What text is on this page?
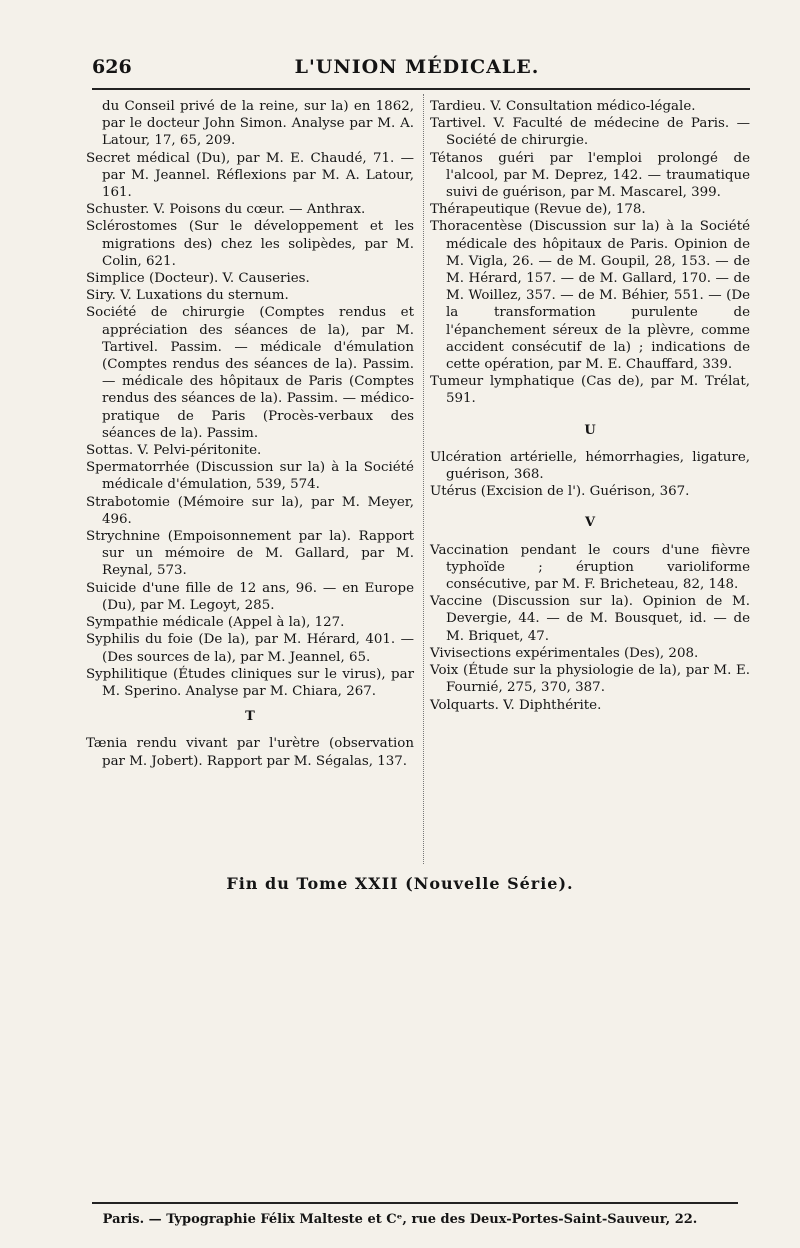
626	L'UNION MÉDICALE.

du Conseil privé de la reine, sur la) en 1862, par le docteur John Simon. Analyse par M. A. Latour, 17, 65, 209.

Secret médical (Du), par M. E. Chaudé, 71. — par M. Jeannel. Réflexions par M. A. Latour, 161.

Schuster. V. Poisons du cœur. — Anthrax.

Sclérostomes (Sur le développement et les migrations des) chez les solipèdes, par M. Colin, 621.

Simplice (Docteur). V. Causeries.

Siry. V. Luxations du sternum.

Société de chirurgie (Comptes rendus et appréciation des séances de la), par M. Tartivel. Passim. — médicale d'émulation (Comptes rendus des séances de la). Passim. — médicale des hôpitaux de Paris (Comptes rendus des séances de la). Passim. — médico-pratique de Paris (Procès-verbaux des séances de la). Passim.

Sottas. V. Pelvi-péritonite.

Spermatorrhée (Discussion sur la) à la Société médicale d'émulation, 539, 574.

Strabotomie (Mémoire sur la), par M. Meyer, 496.

Strychnine (Empoisonnement par la). Rapport sur un mémoire de M. Gallard, par M. Reynal, 573.

Suicide d'une fille de 12 ans, 96. — en Europe (Du), par M. Legoyt, 285.

Sympathie médicale (Appel à la), 127.

Syphilis du foie (De la), par M. Hérard, 401. — (Des sources de la), par M. Jeannel, 65.

Syphilitique (Études cliniques sur le virus), par M. Sperino. Analyse par M. Chiara, 267.

T

Tænia rendu vivant par l'urètre (observation par M. Jobert). Rapport par M. Ségalas, 137.

Tardieu. V. Consultation médico-légale.

Tartivel. V. Faculté de médecine de Paris. — Société de chirurgie.

Tétanos guéri par l'emploi prolongé de l'alcool, par M. Deprez, 142. — traumatique suivi de guérison, par M. Mascarel, 399.

Thérapeutique (Revue de), 178.

Thoracentèse (Discussion sur la) à la Société médicale des hôpitaux de Paris. Opinion de M. Vigla, 26. — de M. Goupil, 28, 153. — de M. Hérard, 157. — de M. Gallard, 170. — de M. Woillez, 357. — de M. Béhier, 551. — (De la transformation purulente de l'épanchement séreux de la plèvre, comme accident consécutif de la) ; indications de cette opération, par M. E. Chauffard, 339.

Tumeur lymphatique (Cas de), par M. Trélat, 591.

U

Ulcération artérielle, hémorrhagies, ligature, guérison, 368.

Utérus (Excision de l'). Guérison, 367.

V

Vaccination pendant le cours d'une fièvre typhoïde ; éruption varioliforme consécutive, par M. F. Bricheteau, 82, 148.

Vaccine (Discussion sur la). Opinion de M. Devergie, 44. — de M. Bousquet, id. — de M. Briquet, 47.

Vivisections expérimentales (Des), 208.

Voix (Étude sur la physiologie de la), par M. E. Fournié, 275, 370, 387.

Volquarts. V. Diphthérite.

Fin du Tome XXII (Nouvelle Série).
Paris. — Typographie Félix Malteste et Cᵉ, rue des Deux-Portes-Saint-Sauveur, 22.
